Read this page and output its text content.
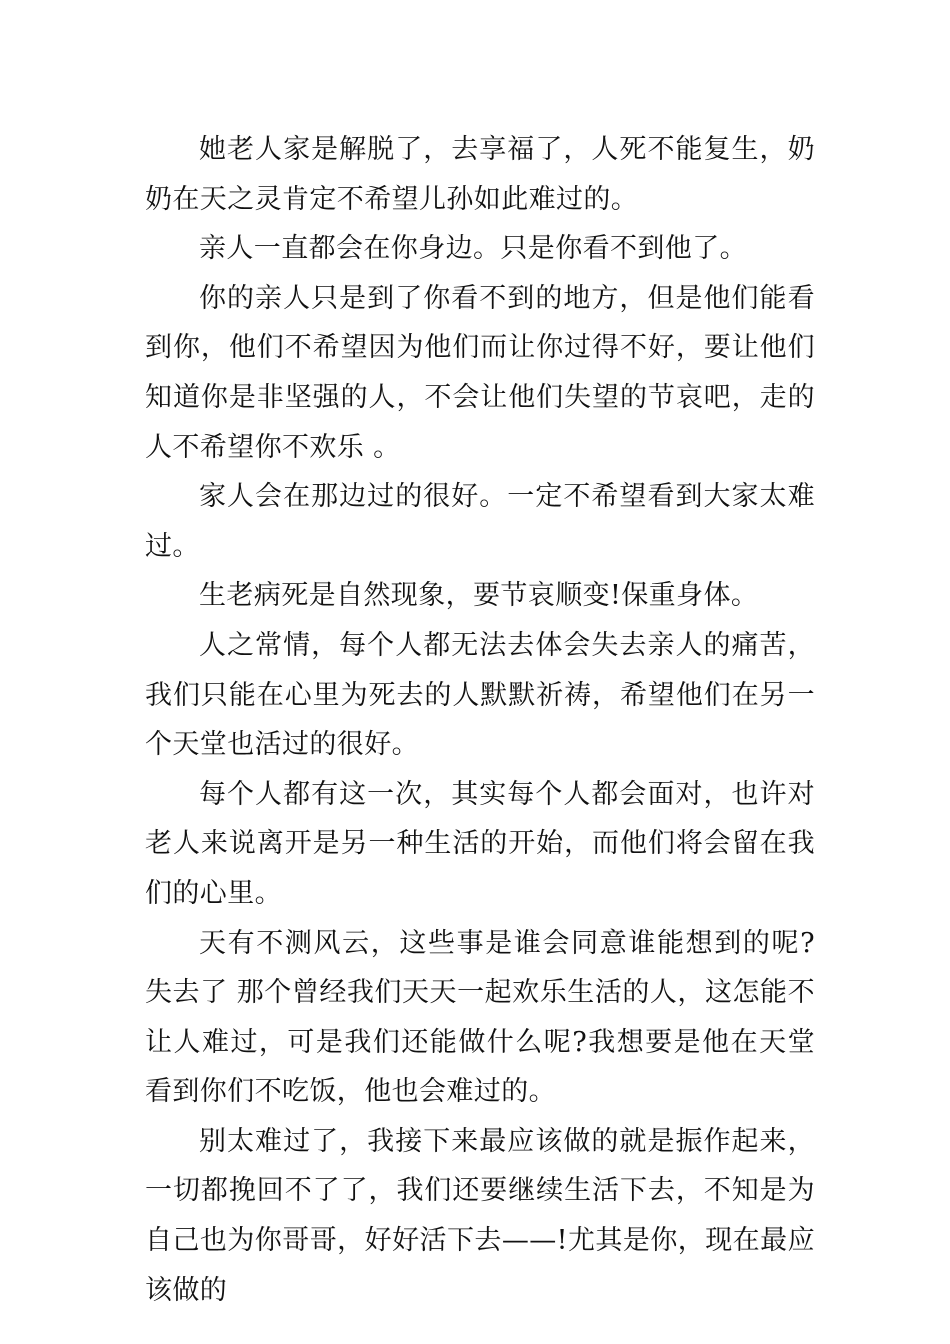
她老人家是解脱了，去享福了，人死不能复生，奶奶在天之灵肯定不希望儿孙如此难过的。

亲人一直都会在你身边。只是你看不到他了。

你的亲人只是到了你看不到的地方，但是他们能看到你，他们不希望因为他们而让你过得不好，要让他们知道你是非坚强的人，不会让他们失望的节哀吧，走的人不希望你不欢乐 。

家人会在那边过的很好。一定不希望看到大家太难过。

生老病死是自然现象，要节哀顺变!保重身体。

人之常情，每个人都无法去体会失去亲人的痛苦，我们只能在心里为死去的人默默祈祷，希望他们在另一个天堂也活过的很好。

每个人都有这一次，其实每个人都会面对，也许对老人来说离开是另一种生活的开始，而他们将会留在我们的心里。

天有不测风云，这些事是谁会同意谁能想到的呢?失去了 那个曾经我们天天一起欢乐生活的人，这怎能不让人难过，可是我们还能做什么呢?我想要是他在天堂看到你们不吃饭，他也会难过的。

别太难过了，我接下来最应该做的就是振作起来，一切都挽回不了了，我们还要继续生活下去，不知是为自己也为你哥哥，好好活下去——!尤其是你，现在最应该做的
